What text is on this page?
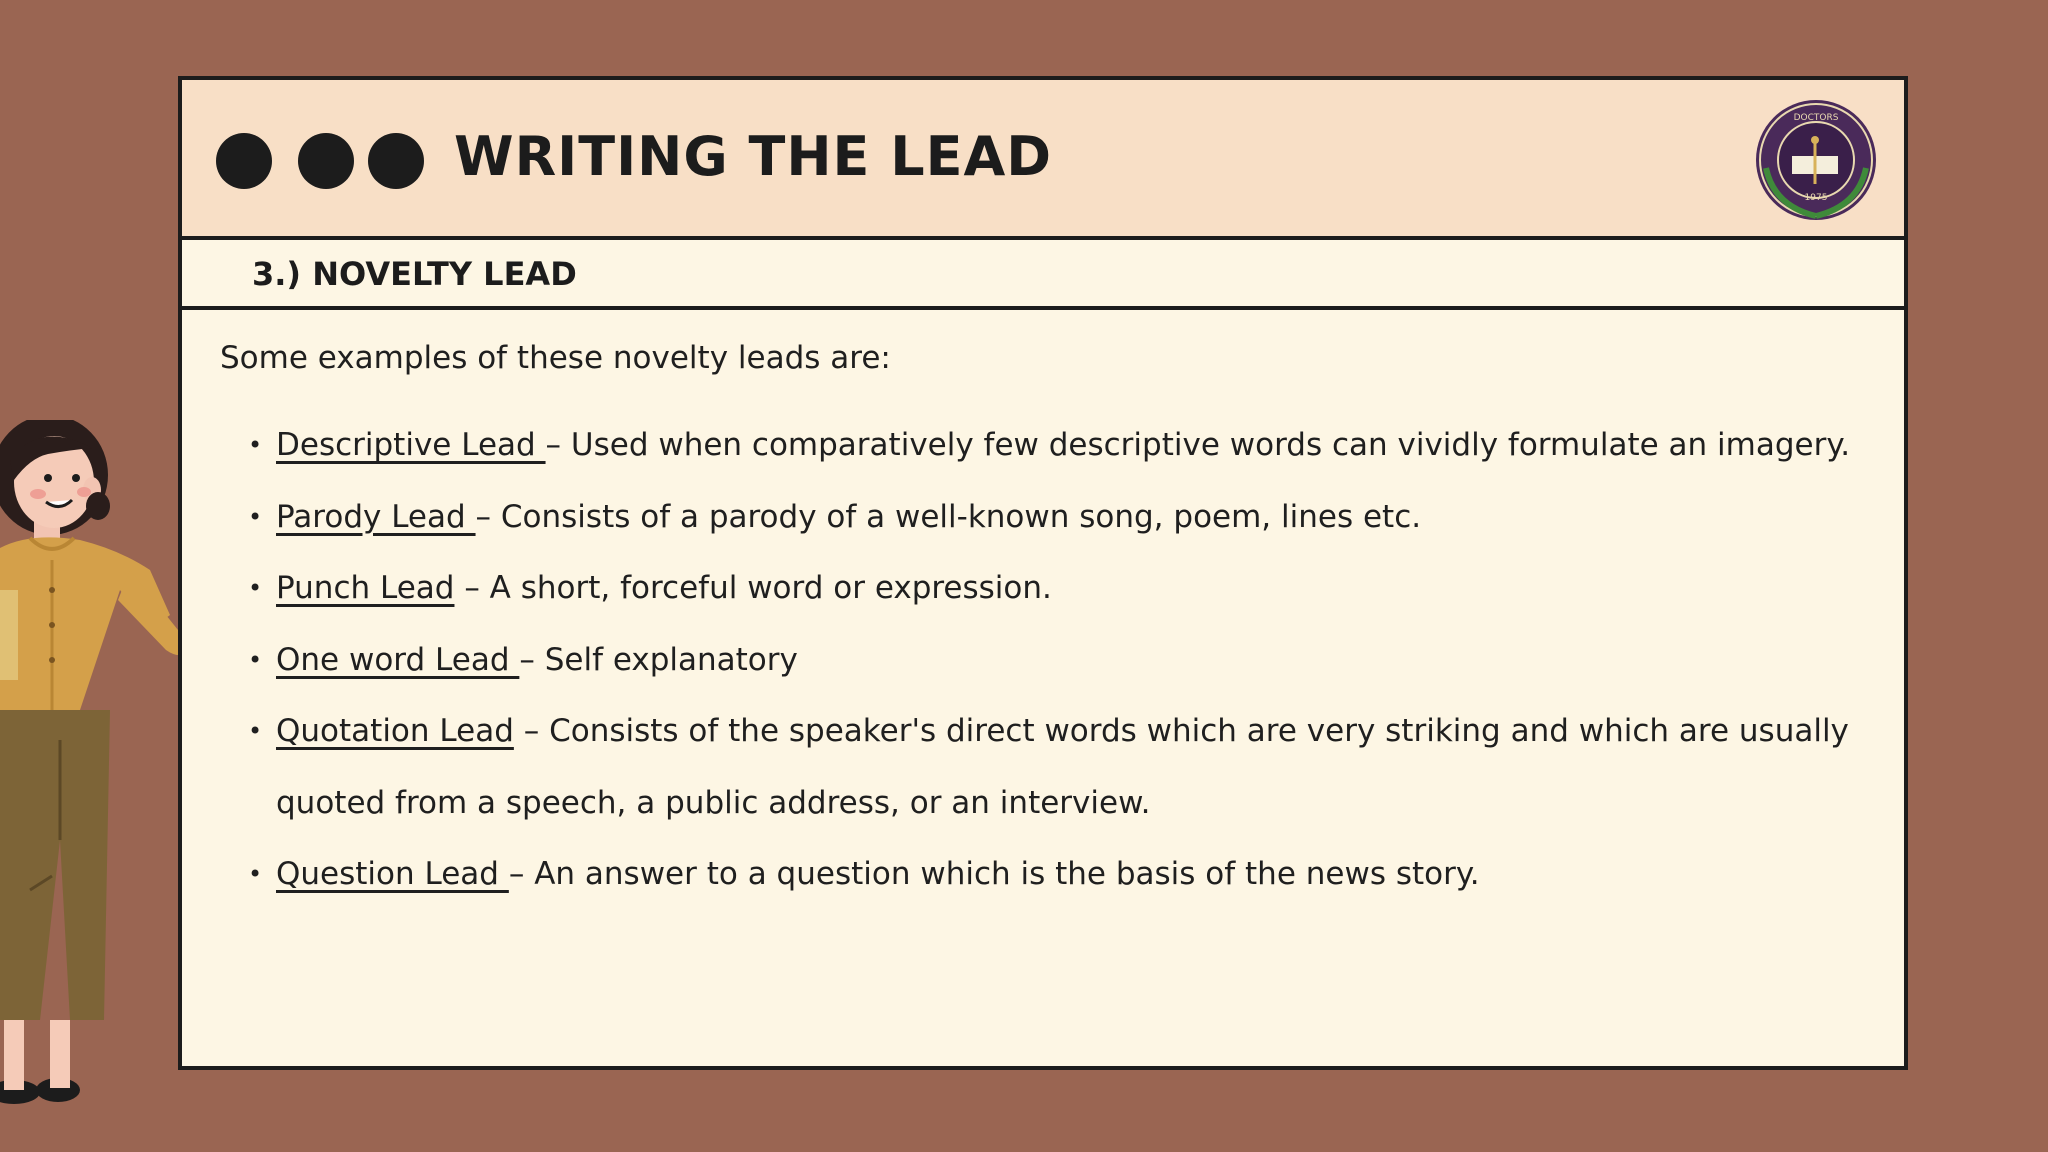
WRITING THE LEAD
DOCTORS
1975
3.) NOVELTY LEAD
Some examples of these novelty leads are:
• Descriptive Lead – Used when comparatively few descriptive words can vividly formulate an imagery.
• Parody Lead – Consists of a parody of a well-known song, poem, lines etc.
• Punch Lead – A short, forceful word or expression.
• One word Lead – Self explanatory
• Quotation Lead – Consists of the speaker's direct words which are very striking and which are usually quoted from a speech, a public address, or an interview.
• Question Lead – An answer to a question which is the basis of the news story.
